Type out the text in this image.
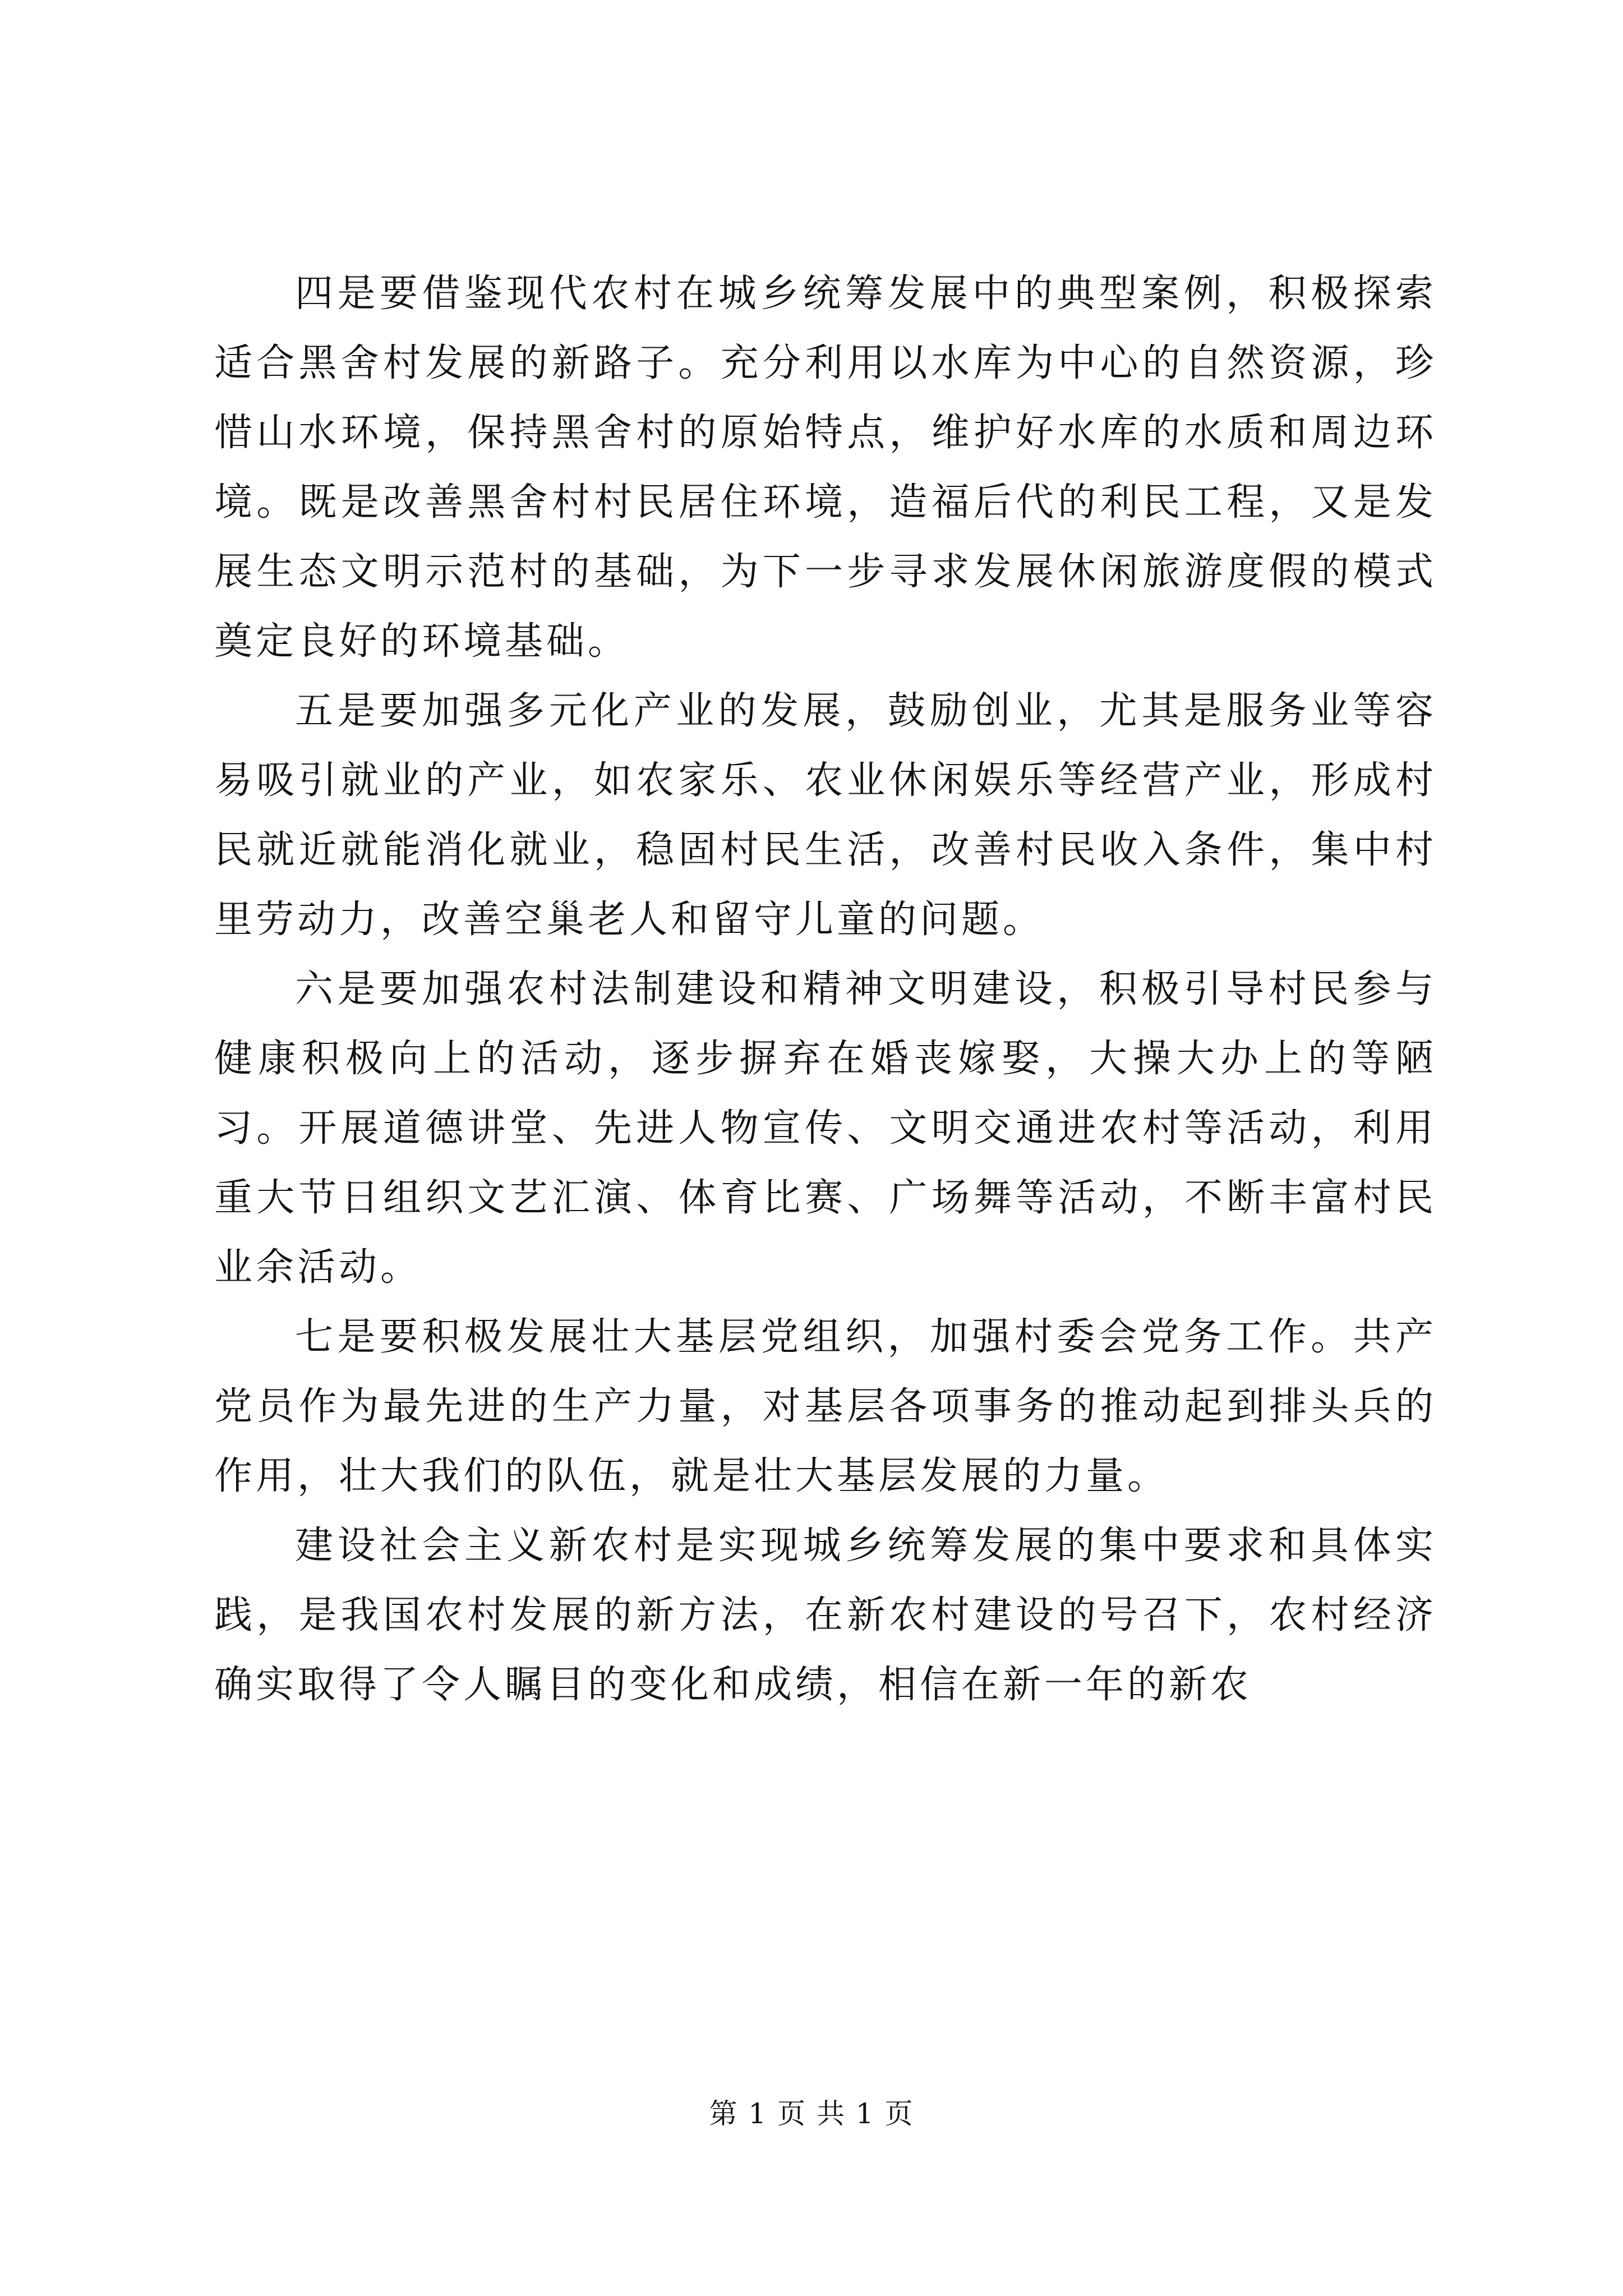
四是要借鉴现代农村在城乡统筹发展中的典型案例，积极探索适合黑舍村发展的新路子。充分利用以水库为中心的自然资源，珍惜山水环境，保持黑舍村的原始特点，维护好水库的水质和周边环境。既是改善黑舍村村民居住环境，造福后代的利民工程，又是发展生态文明示范村的基础，为下一步寻求发展休闲旅游度假的模式奠定良好的环境基础。

五是要加强多元化产业的发展，鼓励创业，尤其是服务业等容易吸引就业的产业，如农家乐、农业休闲娱乐等经营产业，形成村民就近就能消化就业，稳固村民生活，改善村民收入条件，集中村里劳动力，改善空巢老人和留守儿童的问题。

六是要加强农村法制建设和精神文明建设，积极引导村民参与健康积极向上的活动，逐步摒弃在婚丧嫁娶，大操大办上的等陋习。开展道德讲堂、先进人物宣传、文明交通进农村等活动，利用重大节日组织文艺汇演、体育比赛、广场舞等活动，不断丰富村民业余活动。

七是要积极发展壮大基层党组织，加强村委会党务工作。共产党员作为最先进的生产力量，对基层各项事务的推动起到排头兵的作用，壮大我们的队伍，就是壮大基层发展的力量。

建设社会主义新农村是实现城乡统筹发展的集中要求和具体实践，是我国农村发展的新方法，在新农村建设的号召下，农村经济确实取得了令人瞩目的变化和成绩，相信在新一年的新农

第 1 页 共 1 页
